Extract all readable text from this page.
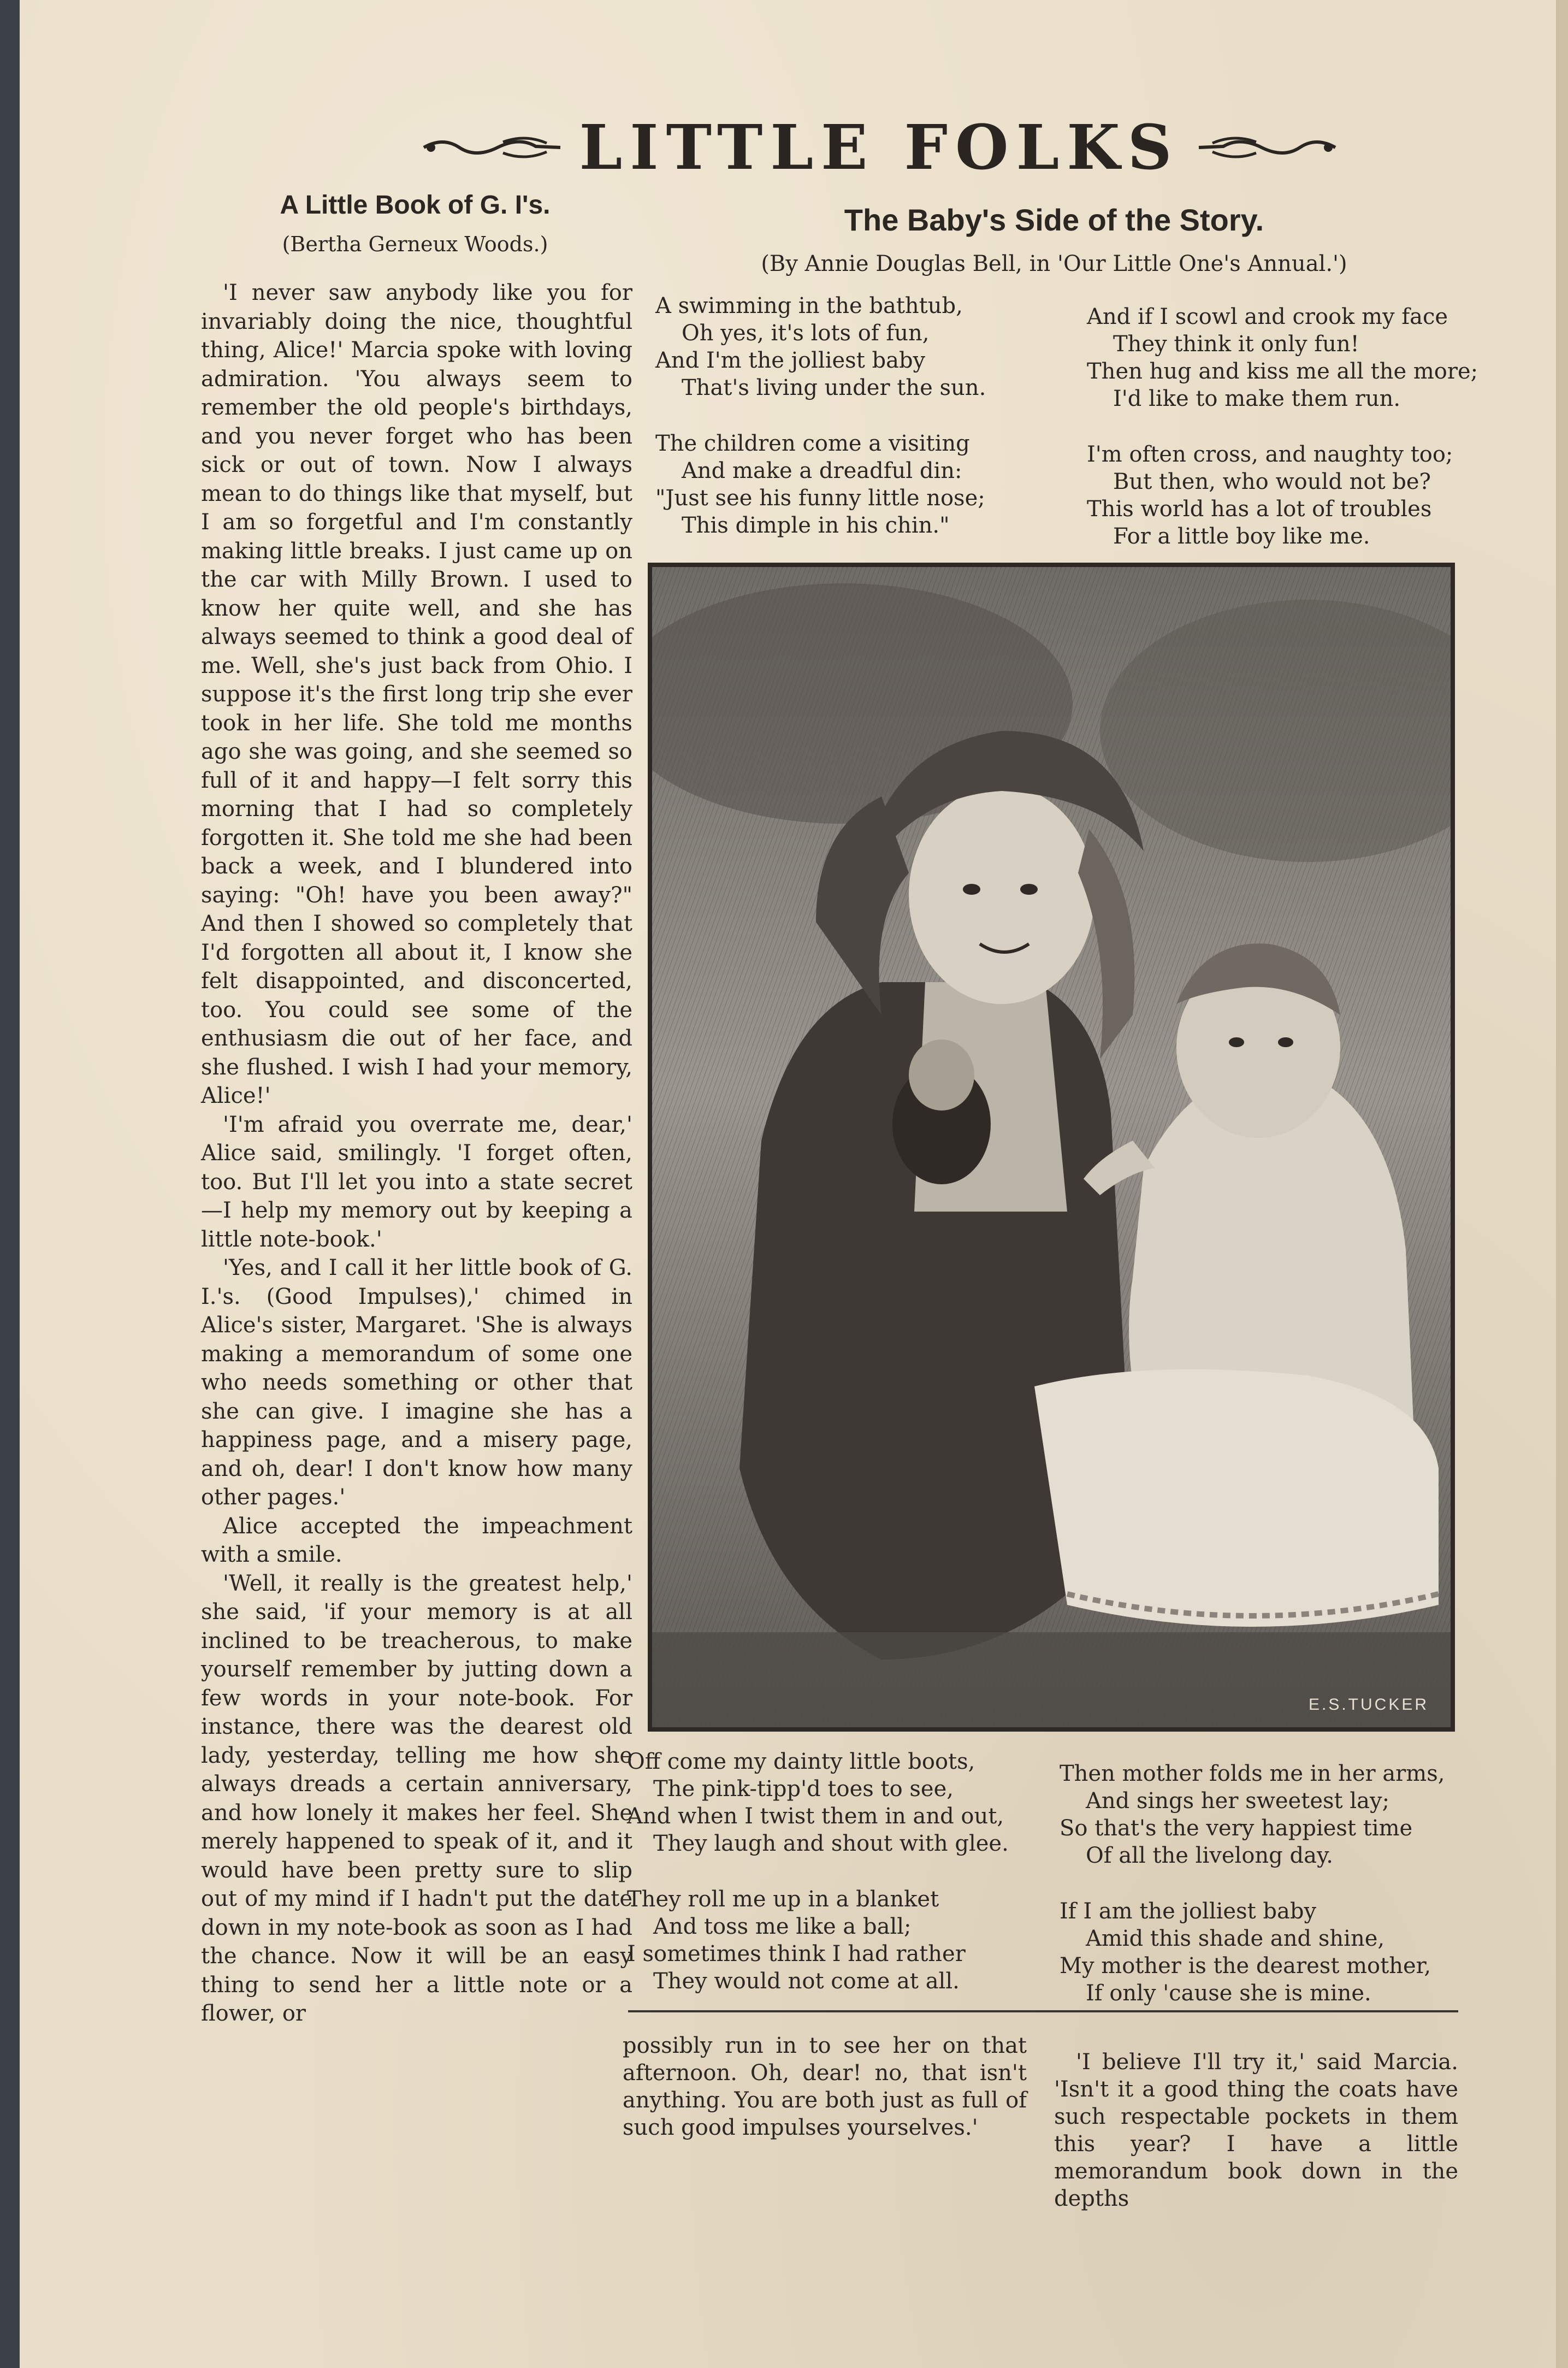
LITTLE FOLKS
A Little Book of G. I's.
(Bertha Gerneux Woods.)

'I never saw anybody like you for invariably doing the nice, thoughtful thing, Alice!' Marcia spoke with loving admiration. 'You always seem to remember the old people's birthdays, and you never forget who has been sick or out of town. Now I always mean to do things like that myself, but I am so forgetful and I'm constantly making little breaks. I just came up on the car with Milly Brown. I used to know her quite well, and she has always seemed to think a good deal of me. Well, she's just back from Ohio. I suppose it's the first long trip she ever took in her life. She told me months ago she was going, and she seemed so full of it and happy—I felt sorry this morning that I had so completely forgotten it. She told me she had been back a week, and I blundered into saying: "Oh! have you been away?" And then I showed so completely that I'd forgotten all about it, I know she felt disappointed, and disconcerted, too. You could see some of the enthusiasm die out of her face, and she flushed. I wish I had your memory, Alice!'

'I'm afraid you overrate me, dear,' Alice said, smilingly. 'I forget often, too. But I'll let you into a state secret—I help my memory out by keeping a little note-book.'

'Yes, and I call it her little book of G. I.'s. (Good Impulses),' chimed in Alice's sister, Margaret. 'She is always making a memorandum of some one who needs something or other that she can give. I imagine she has a happiness page, and a misery page, and oh, dear! I don't know how many other pages.'

Alice accepted the impeachment with a smile.

'Well, it really is the greatest help,' she said, 'if your memory is at all inclined to be treacherous, to make yourself remember by jutting down a few words in your note-book. For instance, there was the dearest old lady, yesterday, telling me how she always dreads a certain anniversary, and how lonely it makes her feel. She merely happened to speak of it, and it would have been pretty sure to slip out of my mind if I hadn't put the date down in my note-book as soon as I had the chance. Now it will be an easy thing to send her a little note or a flower, or

The Baby's Side of the Story.
(By Annie Douglas Bell, in 'Our Little One's Annual.')
A swimming in the bathtub,
Oh yes, it's lots of fun,
And I'm the jolliest baby
That's living under the sun.
The children come a visiting
And make a dreadful din:
"Just see his funny little nose;
This dimple in his chin."
And if I scowl and crook my face
They think it only fun!
Then hug and kiss me all the more;
I'd like to make them run.
I'm often cross, and naughty too;
But then, who would not be?
This world has a lot of troubles
For a little boy like me.
E.S.TUCKER
Off come my dainty little boots,
The pink-tipp'd toes to see,
And when I twist them in and out,
They laugh and shout with glee.
They roll me up in a blanket
And toss me like a ball;
I sometimes think I had rather
They would not come at all.
Then mother folds me in her arms,
And sings her sweetest lay;
So that's the very happiest time
Of all the livelong day.
If I am the jolliest baby
Amid this shade and shine,
My mother is the dearest mother,
If only 'cause she is mine.

possibly run in to see her on that afternoon. Oh, dear! no, that isn't anything. You are both just as full of such good impulses yourselves.'

'I believe I'll try it,' said Marcia. 'Isn't it a good thing the coats have such respectable pockets in them this year? I have a little memorandum book down in the depths
